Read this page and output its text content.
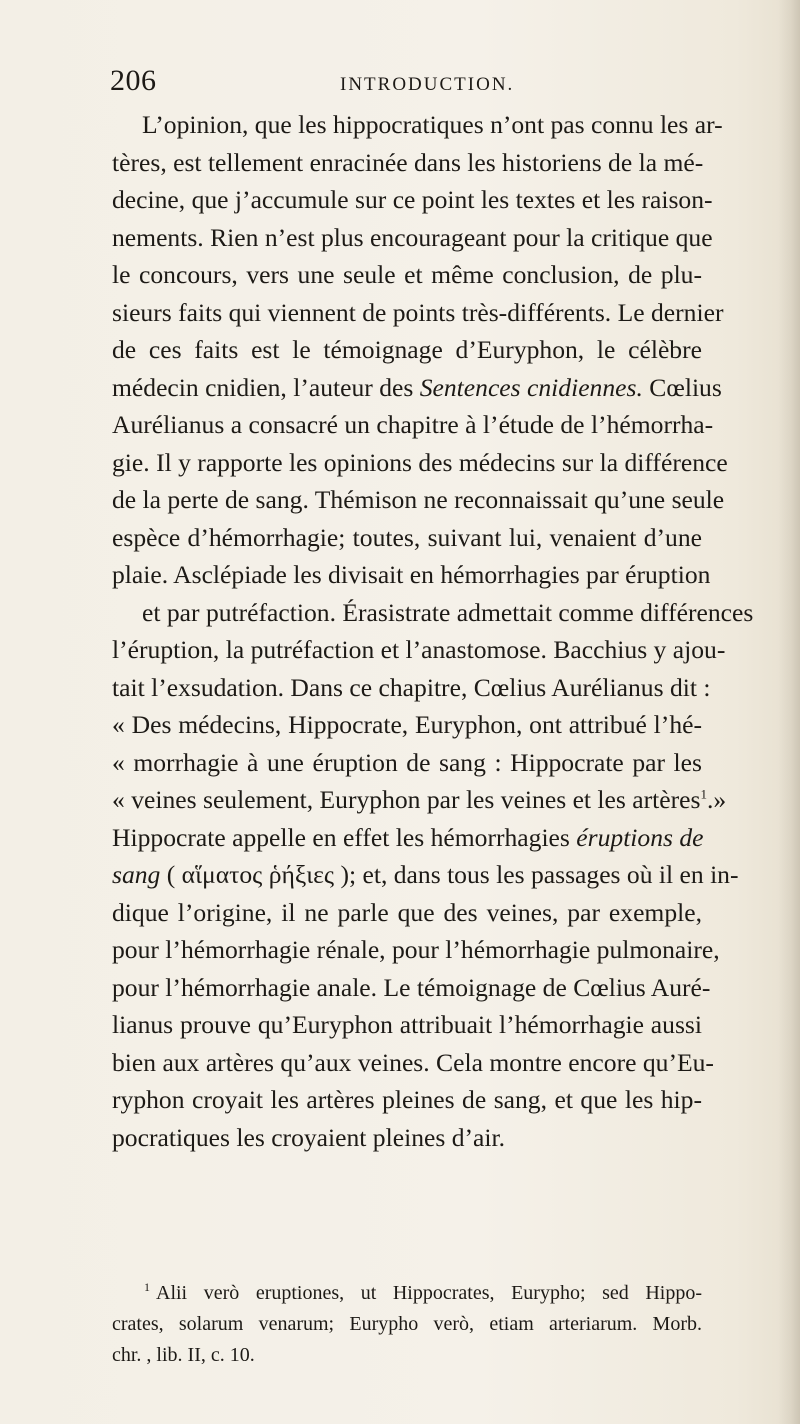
206	INTRODUCTION.
L’opinion, que les hippocratiques n’ont pas connu les ar-
tères, est tellement enracinée dans les historiens de la mé-
decine, que j’accumule sur ce point les textes et les raison-
nements. Rien n’est plus encourageant pour la critique que
le concours, vers une seule et même conclusion, de plu-
sieurs faits qui viennent de points très-différents. Le dernier
de ces faits est le témoignage d’Euryphon, le célèbre
médecin cnidien, l’auteur des Sentences cnidiennes. Cœlius
Aurélianus a consacré un chapitre à l’étude de l’hémorrha-
gie. Il y rapporte les opinions des médecins sur la différence
de la perte de sang. Thémison ne reconnaissait qu’une seule
espèce d’hémorrhagie; toutes, suivant lui, venaient d’une
plaie. Asclépiade les divisait en hémorrhagies par éruption
et par putréfaction. Érasistrate admettait comme différences
l’éruption, la putréfaction et l’anastomose. Bacchius y ajou-
tait l’exsudation. Dans ce chapitre, Cœlius Aurélianus dit :
« Des médecins, Hippocrate, Euryphon, ont attribué l’hé-
« morrhagie à une éruption de sang : Hippocrate par les
« veines seulement, Euryphon par les veines et les artères$^1$.»
Hippocrate appelle en effet les hémorrhagies éruptions de
sang ( αἵματος ῥήξιες ); et, dans tous les passages où il en in-
dique l’origine, il ne parle que des veines, par exemple,
pour l’hémorrhagie rénale, pour l’hémorrhagie pulmonaire,
pour l’hémorrhagie anale. Le témoignage de Cœlius Auré-
lianus prouve qu’Euryphon attribuait l’hémorrhagie aussi
bien aux artères qu’aux veines. Cela montre encore qu’Eu-
ryphon croyait les artères pleines de sang, et que les hip-
pocratiques les croyaient pleines d’air.
$^1$ Alii verò eruptiones, ut Hippocrates, Eurypho; sed Hippo-
crates, solarum venarum; Eurypho verò, etiam arteriarum. Morb.
chr. , lib. II, c. 10.
